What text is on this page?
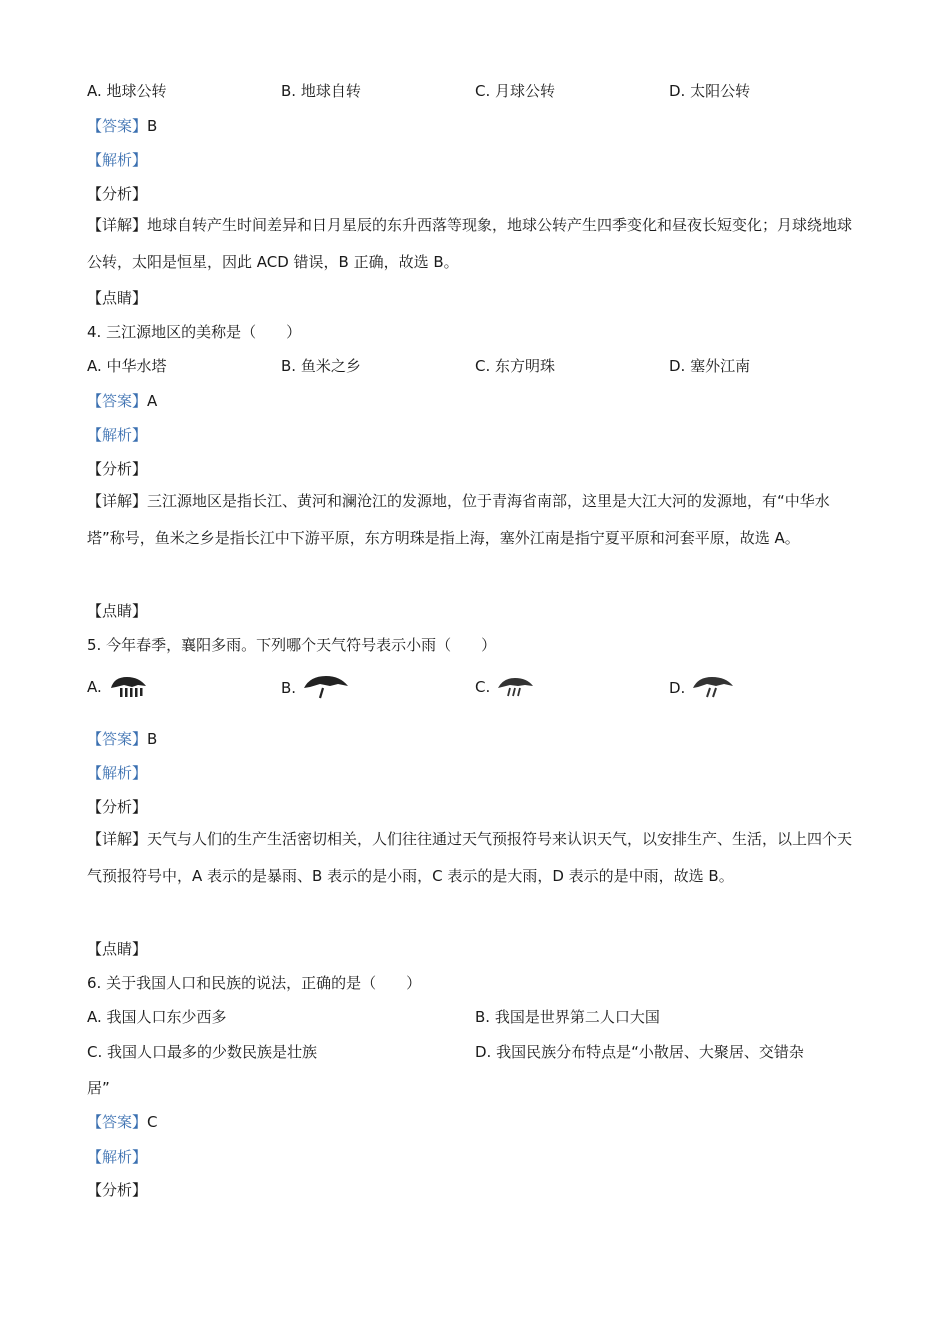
A. 地球公转	B. 地球自转	C. 月球公转	D. 太阳公转
【答案】B
【解析】
【分析】
【详解】地球自转产生时间差异和日月星辰的东升西落等现象，地球公转产生四季变化和昼夜长短变化；月球绕地球公转，太阳是恒星，因此 ACD 错误，B 正确，故选 B。
【点睛】
4. 三江源地区的美称是（　　）
A. 中华水塔	B. 鱼米之乡	C. 东方明珠	D. 塞外江南
【答案】A
【解析】
【分析】
【详解】三江源地区是指长江、黄河和澜沧江的发源地，位于青海省南部，这里是大江大河的发源地，有“中华水塔”称号，鱼米之乡是指长江中下游平原，东方明珠是指上海，塞外江南是指宁夏平原和河套平原，故选 A。
【点睛】
5. 今年春季，襄阳多雨。下列哪个天气符号表示小雨（　　）
A.	B.	C.	D.
【答案】B
【解析】
【分析】
【详解】天气与人们的生产生活密切相关，人们往往通过天气预报符号来认识天气，以安排生产、生活，以上四个天气预报符号中，A 表示的是暴雨、B 表示的是小雨，C 表示的是大雨，D 表示的是中雨，故选 B。
【点睛】
6. 关于我国人口和民族的说法，正确的是（　　）
A. 我国人口东少西多	B. 我国是世界第二人口大国
C. 我国人口最多的少数民族是壮族	D. 我国民族分布特点是“小散居、大聚居、交错杂
居”
【答案】C
【解析】
【分析】
